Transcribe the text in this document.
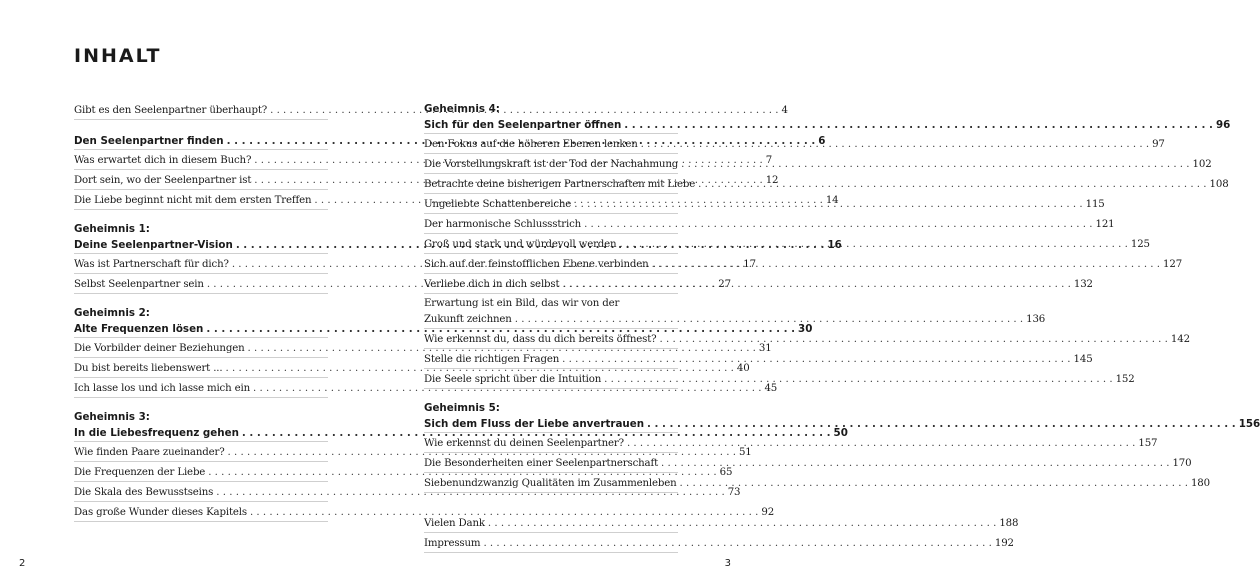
INHALT
Gibt es den Seelenpartner überhaupt? . . .	4
Den Seelenpartner finden . . .	6
Was erwartet dich in diesem Buch? . . .	7
Dort sein, wo der Seelenpartner ist . . .	12
Die Liebe beginnt nicht mit dem ersten Treffen . . .	14
Geheimnis 1:
Deine Seelenpartner-Vision . . .	16
Was ist Partnerschaft für dich? . . .	17
Selbst Seelenpartner sein . . .	27
Geheimnis 2:
Alte Frequenzen lösen . . .	30
Die Vorbilder deiner Beziehungen . . .	31
Du bist bereits liebenswert ... . . .	40
Ich lasse los und ich lasse mich ein . . .	45
Geheimnis 3:
In die Liebesfrequenz gehen . . .	50
Wie finden Paare zueinander? . . .	51
Die Frequenzen der Liebe . . .	65
Die Skala des Bewusstseins . . .	73
Das große Wunder dieses Kapitels . . .	92
Geheimnis 4:
Sich für den Seelenpartner öffnen . . .	96
Den Fokus auf die höheren Ebenen lenken . . .	97
Die Vorstellungskraft ist der Tod der Nachahmung . . .	102
Betrachte deine bisherigen Partnerschaften mit Liebe . . .	108
Ungeliebte Schattenbereiche . . .	115
Der harmonische Schlussstrich . . .	121
Groß und stark und würdevoll werden . . .	125
Sich auf der feinstofflichen Ebene verbinden . . .	127
Verliebe dich in dich selbst . . .	132
Erwartung ist ein Bild, das wir von der
Zukunft zeichnen . . .	136
Wie erkennst du, dass du dich bereits öffnest? . . .	142
Stelle die richtigen Fragen . . .	145
Die Seele spricht über die Intuition . . .	152
Geheimnis 5:
Sich dem Fluss der Liebe anvertrauen . . .	156
Wie erkennst du deinen Seelenpartner? . . .	157
Die Besonderheiten einer Seelenpartnerschaft . . .	170
Siebenundzwanzig Qualitäten im Zusammenleben . . .	180
Vielen Dank . . .	188
Impressum . . .	192
2	3
